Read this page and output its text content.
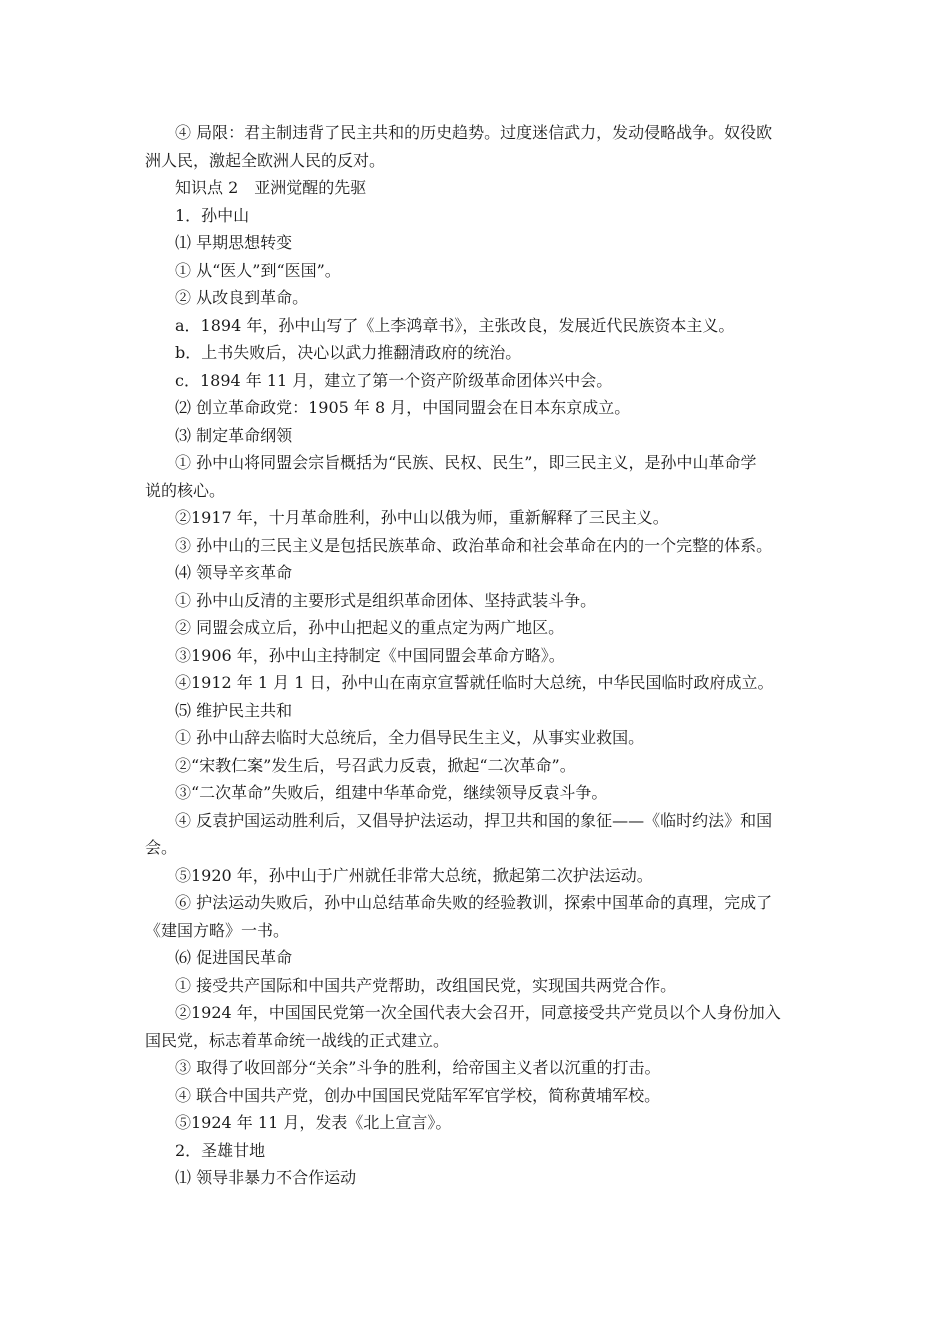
④ 局限：君主制违背了民主共和的历史趋势。过度迷信武力，发动侵略战争。奴役欧
洲人民，激起全欧洲人民的反对。
知识点 2　亚洲觉醒的先驱
1．孙中山
⑴ 早期思想转变
① 从“医人”到“医国”。
② 从改良到革命。
a．1894 年，孙中山写了《上李鸿章书》，主张改良，发展近代民族资本主义。
b．上书失败后，决心以武力推翻清政府的统治。
c．1894 年 11 月，建立了第一个资产阶级革命团体兴中会。
⑵ 创立革命政党：1905 年 8 月，中国同盟会在日本东京成立。
⑶ 制定革命纲领
① 孙中山将同盟会宗旨概括为“民族、民权、民生”，即三民主义，是孙中山革命学
说的核心。
②1917 年，十月革命胜利，孙中山以俄为师，重新解释了三民主义。
③ 孙中山的三民主义是包括民族革命、政治革命和社会革命在内的一个完整的体系。
⑷ 领导辛亥革命
① 孙中山反清的主要形式是组织革命团体、坚持武装斗争。
② 同盟会成立后，孙中山把起义的重点定为两广地区。
③1906 年，孙中山主持制定《中国同盟会革命方略》。
④1912 年 1 月 1 日，孙中山在南京宣誓就任临时大总统，中华民国临时政府成立。
⑸ 维护民主共和
① 孙中山辞去临时大总统后，全力倡导民生主义，从事实业救国。
②“宋教仁案”发生后，号召武力反袁，掀起“二次革命”。
③“二次革命”失败后，组建中华革命党，继续领导反袁斗争。
④ 反袁护国运动胜利后，又倡导护法运动，捍卫共和国的象征——《临时约法》和国
会。
⑤1920 年，孙中山于广州就任非常大总统，掀起第二次护法运动。
⑥ 护法运动失败后，孙中山总结革命失败的经验教训，探索中国革命的真理，完成了
《建国方略》一书。
⑹ 促进国民革命
① 接受共产国际和中国共产党帮助，改组国民党，实现国共两党合作。
②1924 年，中国国民党第一次全国代表大会召开，同意接受共产党员以个人身份加入
国民党，标志着革命统一战线的正式建立。
③ 取得了收回部分“关余”斗争的胜利，给帝国主义者以沉重的打击。
④ 联合中国共产党，创办中国国民党陆军军官学校，简称黄埔军校。
⑤1924 年 11 月，发表《北上宣言》。
2．圣雄甘地
⑴ 领导非暴力不合作运动
